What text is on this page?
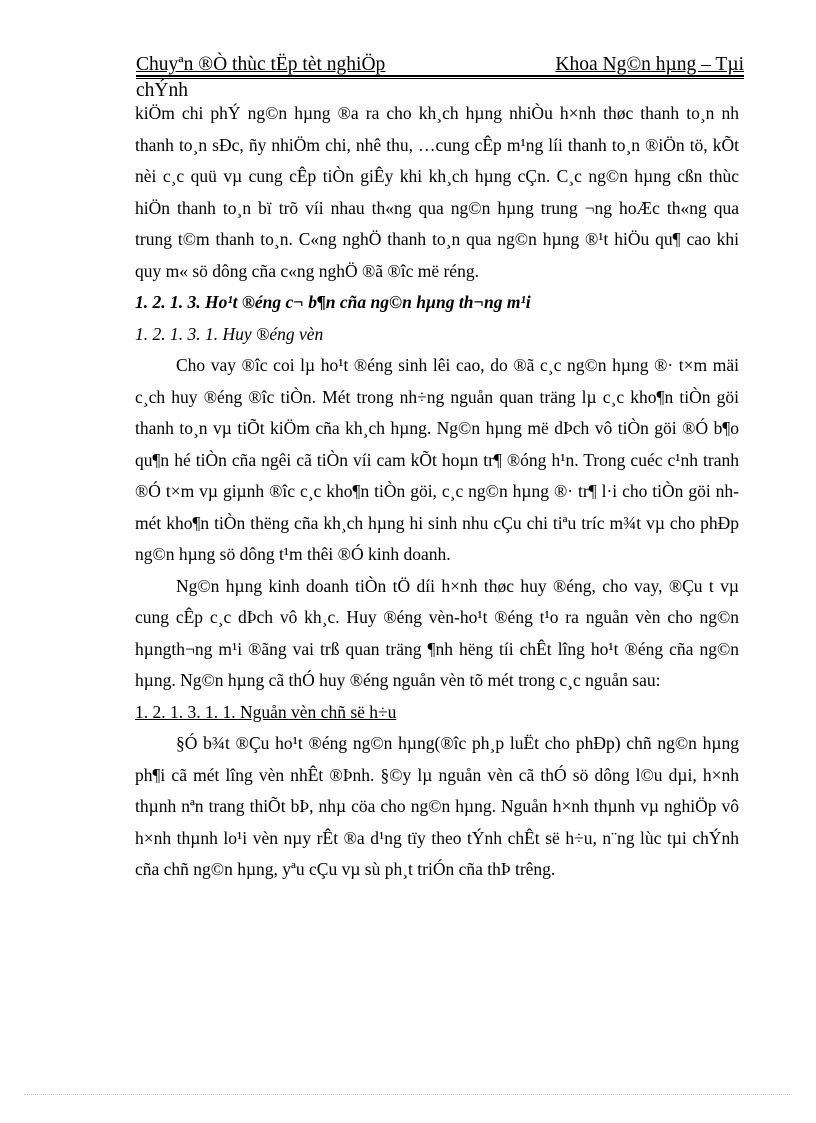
Chuyªn ®Ò thùc tËp tèt nghiÖp	Khoa Ng©n hµng – Tµi
chÝnh

kiÖm chi phÝ ng©n hµng ®a ra cho kh¸ch hµng nhiÒu h×nh thøc thanh to¸n nh thanh to¸n sÐc, ñy nhiÖm chi, nhê thu, …cung cÊp m¹ng líi thanh to¸n ®iÖn tö, kÕt nèi c¸c quü vµ cung cÊp tiÒn giÊy khi kh¸ch hµng cÇn. C¸c ng©n hµng cßn thùc hiÖn thanh to¸n bï trõ víi nhau th«ng qua ng©n hµng trung ¬ng hoÆc th«ng qua trung t©m thanh to¸n. C«ng nghÖ thanh to¸n qua ng©n hµng ®¹t hiÖu qu¶ cao khi quy m« sö dông cña c«ng nghÖ ®ã ®îc më réng.

1. 2. 1. 3. Ho¹t ®éng c¬ b¶n cña ng©n hµng th¬ng m¹i

1. 2. 1. 3. 1. Huy ®éng vèn

Cho vay ®îc coi lµ ho¹t ®éng sinh lêi cao, do ®ã c¸c ng©n hµng ®· t×m mäi c¸ch huy ®éng ®îc tiÒn. Mét trong nh÷ng nguån quan träng lµ c¸c kho¶n tiÒn göi thanh to¸n vµ tiÕt kiÖm cña kh¸ch hµng. Ng©n hµng më dÞch vô tiÒn göi ®Ó b¶o qu¶n hé tiÒn cña ngêi cã tiÒn víi cam kÕt hoµn tr¶ ®óng h¹n. Trong cuéc c¹nh tranh ®Ó t×m vµ giµnh ®îc c¸c kho¶n tiÒn göi, c¸c ng©n hµng ®· tr¶ l·i cho tiÒn göi nh mét kho¶n tiÒn thëng cña kh¸ch hµng hi sinh nhu cÇu chi tiªu tríc m¾t vµ cho phÐp ng©n hµng sö dông t¹m thêi ®Ó kinh doanh.

Ng©n hµng kinh doanh tiÒn tÖ díi h×nh thøc huy ®éng, cho vay, ®Çu t vµ cung cÊp c¸c dÞch vô kh¸c. Huy ®éng vèn-ho¹t ®éng t¹o ra nguån vèn cho ng©n hµngth¬ng m¹i ®ãng vai trß quan träng ¶nh hëng tíi chÊt lîng ho¹t ®éng cña ng©n hµng. Ng©n hµng cã thÓ huy ®éng nguån vèn tõ mét trong c¸c nguån sau:

1. 2. 1. 3. 1. 1. Nguån vèn chñ së h÷u

§Ó b¾t ®Çu ho¹t ®éng ng©n hµng(®îc ph¸p luËt cho phÐp) chñ ng©n hµng ph¶i cã mét lîng vèn nhÊt ®Þnh. §©y lµ nguån vèn cã thÓ sö dông l©u dµi, h×nh thµnh nªn trang thiÕt bÞ, nhµ cöa cho ng©n hµng. Nguån h×nh thµnh vµ nghiÖp vô h×nh thµnh lo¹i vèn nµy rÊt ®a d¹ng tïy theo tÝnh chÊt së h÷u, n¨ng lùc tµi chÝnh cña chñ ng©n hµng, yªu cÇu vµ sù ph¸t triÓn cña thÞ trêng.
